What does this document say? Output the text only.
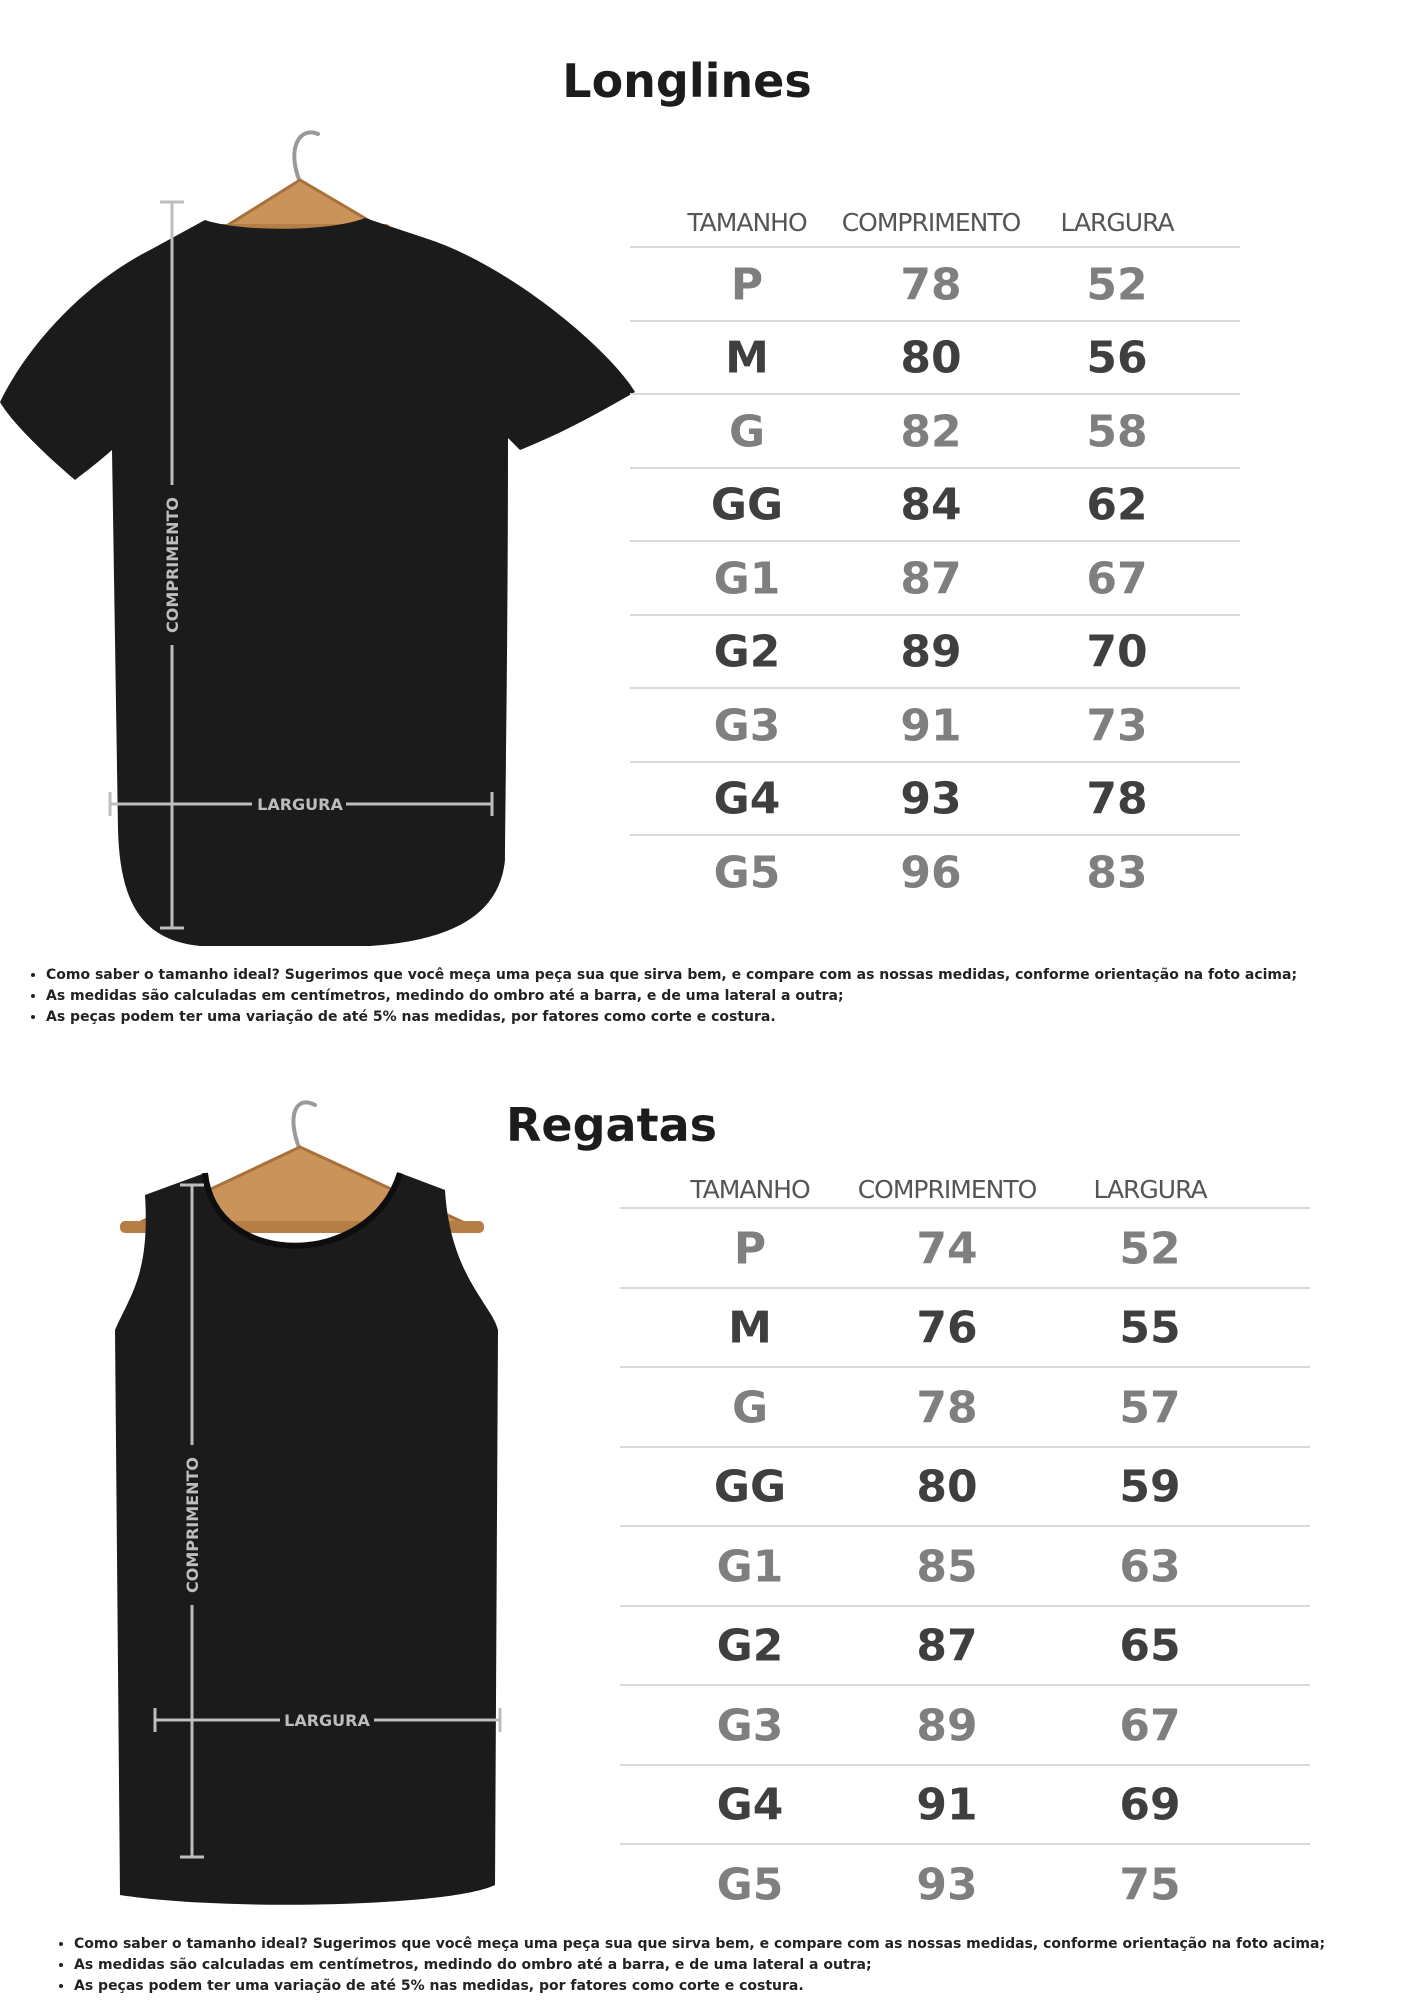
Longlines
COMPRIMENTO
LARGURA
TAMANHO COMPRIMENTO LARGURA
P	78	52
M	80	56
G	82	58
GG	84	62
G1	87	67
G2	89	70
G3	91	73
G4	93	78
G5	96	83
• Como saber o tamanho ideal? Sugerimos que você meça uma peça sua que sirva bem, e compare com as nossas medidas, conforme orientação na foto acima;
• As medidas são calculadas em centímetros, medindo do ombro até a barra, e de uma lateral a outra;
• As peças podem ter uma variação de até 5% nas medidas, por fatores como corte e costura.
Regatas
COMPRIMENTO
LARGURA
TAMANHO COMPRIMENTO LARGURA
P	74	52
M	76	55
G	78	57
GG	80	59
G1	85	63
G2	87	65
G3	89	67
G4	91	69
G5	93	75
• Como saber o tamanho ideal? Sugerimos que você meça uma peça sua que sirva bem, e compare com as nossas medidas, conforme orientação na foto acima;
• As medidas são calculadas em centímetros, medindo do ombro até a barra, e de uma lateral a outra;
• As peças podem ter uma variação de até 5% nas medidas, por fatores como corte e costura.
